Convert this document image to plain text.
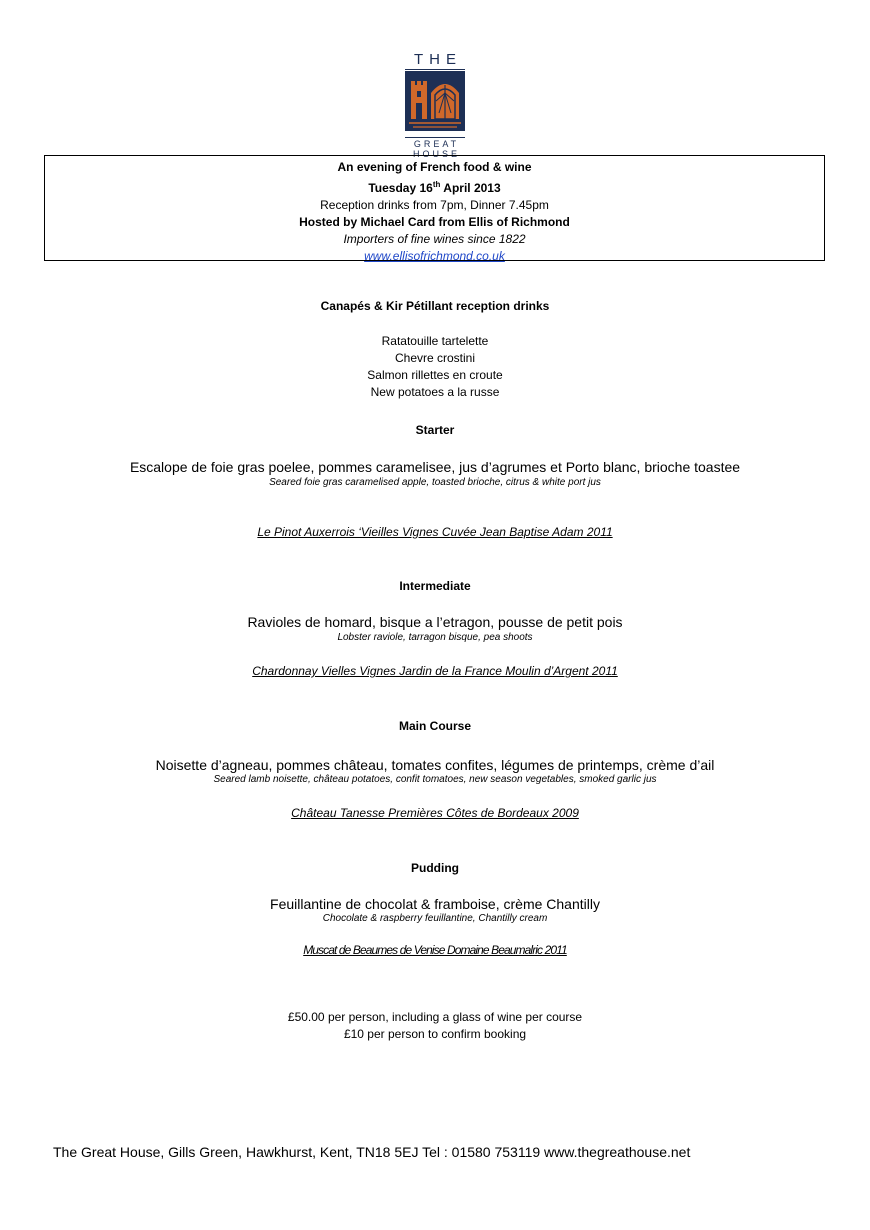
THE
GREAT
HOUSE
An evening of French food & wine
Tuesday 16th April 2013
Reception drinks from 7pm, Dinner 7.45pm
Hosted by Michael Card from Ellis of Richmond
Importers of fine wines since 1822
www.ellisofrichmond.co.uk
Canapés & Kir Pétillant reception drinks
Ratatouille tartelette
Chevre crostini
Salmon rillettes en croute
New potatoes a la russe
Starter
Escalope de foie gras poelee, pommes caramelisee, jus d’agrumes et Porto blanc, brioche toastee
Seared foie gras caramelised apple, toasted brioche, citrus & white port jus
Le Pinot Auxerrois ‘Vieilles Vignes Cuvée Jean Baptise Adam 2011
Intermediate
Ravioles de homard, bisque a l’etragon, pousse de petit pois
Lobster raviole, tarragon bisque, pea shoots
Chardonnay Vielles Vignes Jardin de la France Moulin d’Argent 2011
Main Course
Noisette d’agneau, pommes château, tomates confites, légumes de printemps, crème d’ail
Seared lamb noisette, château potatoes, confit tomatoes, new season vegetables, smoked garlic jus
Château Tanesse Premières Côtes de Bordeaux 2009
Pudding
Feuillantine de chocolat & framboise, crème Chantilly
Chocolate & raspberry feuillantine, Chantilly cream
Muscat de Beaumes de Venise Domaine Beaumalric 2011
£50.00 per person, including a glass of wine per course
£10 per person to confirm booking
The Great House, Gills Green, Hawkhurst, Kent, TN18 5EJ Tel : 01580 753119 www.thegreathouse.net
